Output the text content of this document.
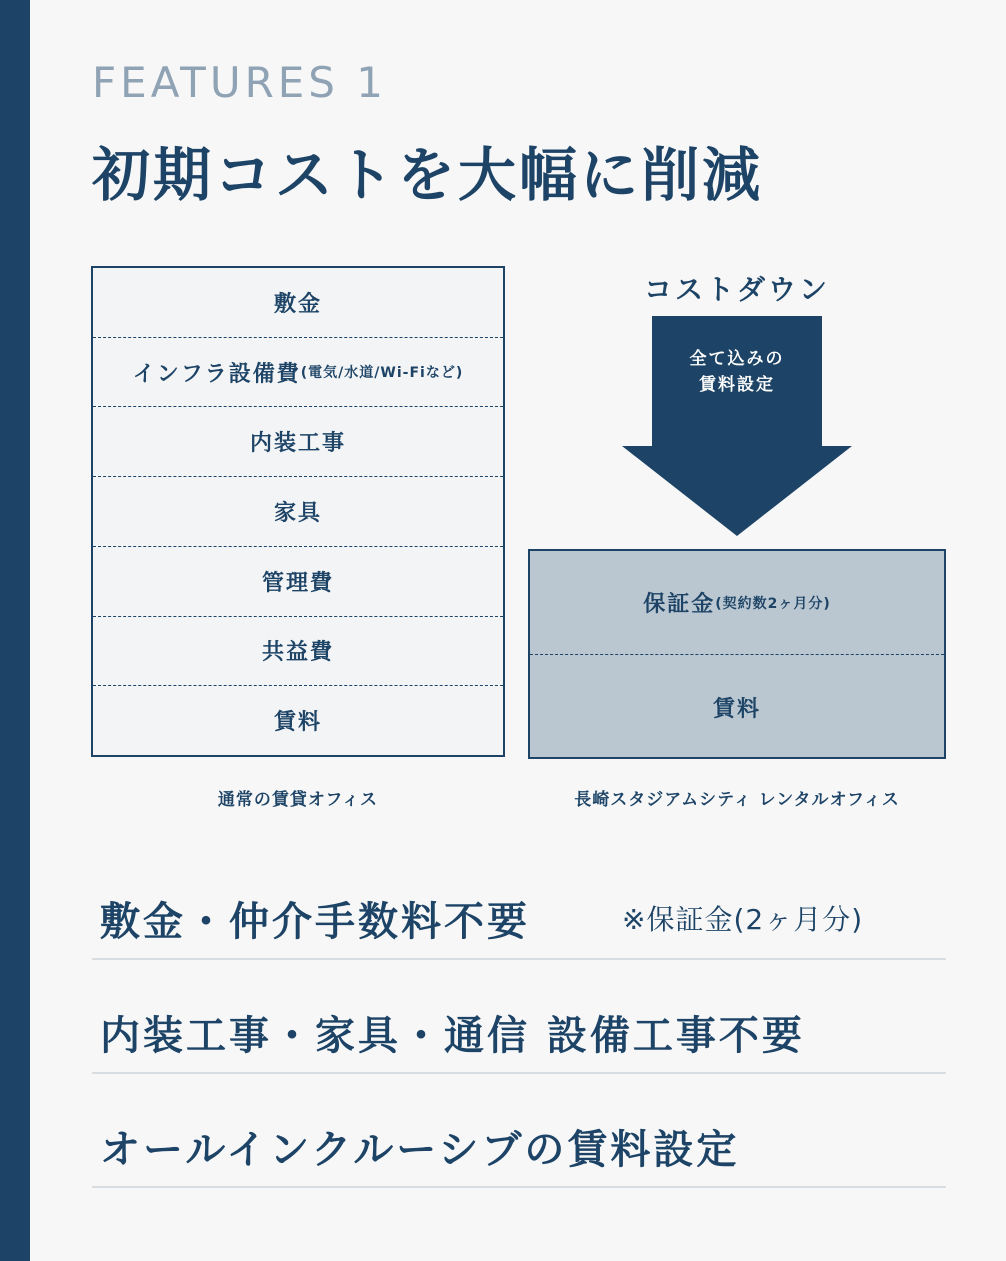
FEATURES 1
初期コストを大幅に削減
敷金
インフラ設備費 (電気/水道/Wi-Fiなど)
内装工事
家具
管理費
共益費
賃料
コストダウン
全て込みの
賃料設定
保証金 (契約数2ヶ月分)
賃料
通常の賃貸オフィス	長崎スタジアムシティ レンタルオフィス
敷金・仲介手数料不要	※保証金(2ヶ月分)
内装工事・家具・通信 設備工事不要
オールインクルーシブの賃料設定
